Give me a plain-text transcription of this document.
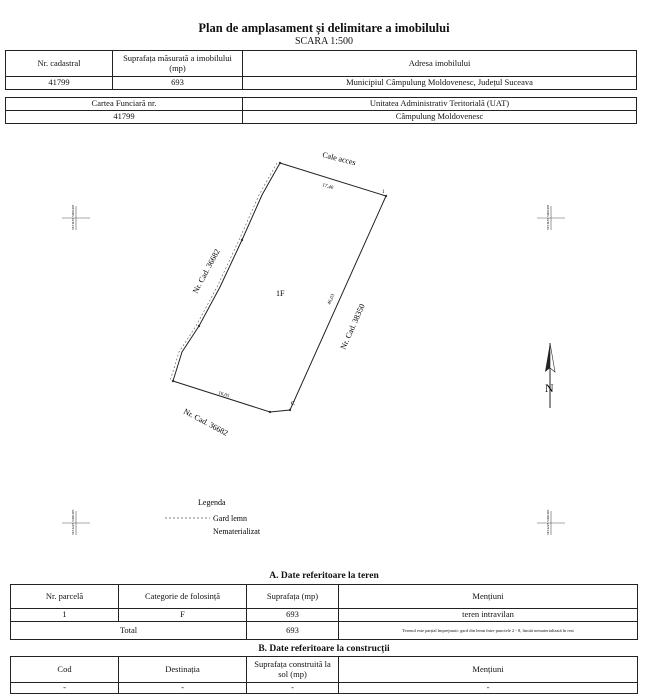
Plan de amplasament și delimitare a imobilului
SCARA 1:500
Nr. cadastral	Suprafața măsurată a imobilului (mp)	Adresa imobilului
41799	693	Municipiul Câmpulung Moldovenesc, Județul Suceava
Cartea Funciară nr.	Unitatea Administrativ Teritorială (UAT)
41799	Câmpulung Moldovenesc
Cale acces
1F
Nr. Cad. 36682
Nr. Cad. 38350
Nr. Cad. 36682
1
C
17,40
46,03
16,05
5151185 5400405	5151185 5400405
5151225 5400405	5151225 5400405
N
Legenda
Gard lemn
Nematerializat
A. Date referitoare la teren
Nr. parcelă	Categorie de folosință	Suprafața (mp)	Mențiuni
1	F	693	teren intravilan
Total		693	Terenul este parțial împrejmuit: gard din lemn între punctele 2 - 8, limită nematerializată în rest
B. Date referitoare la construcții
Cod	Destinația	Suprafața construită la sol (mp)	Mențiuni
-	-	-	-
